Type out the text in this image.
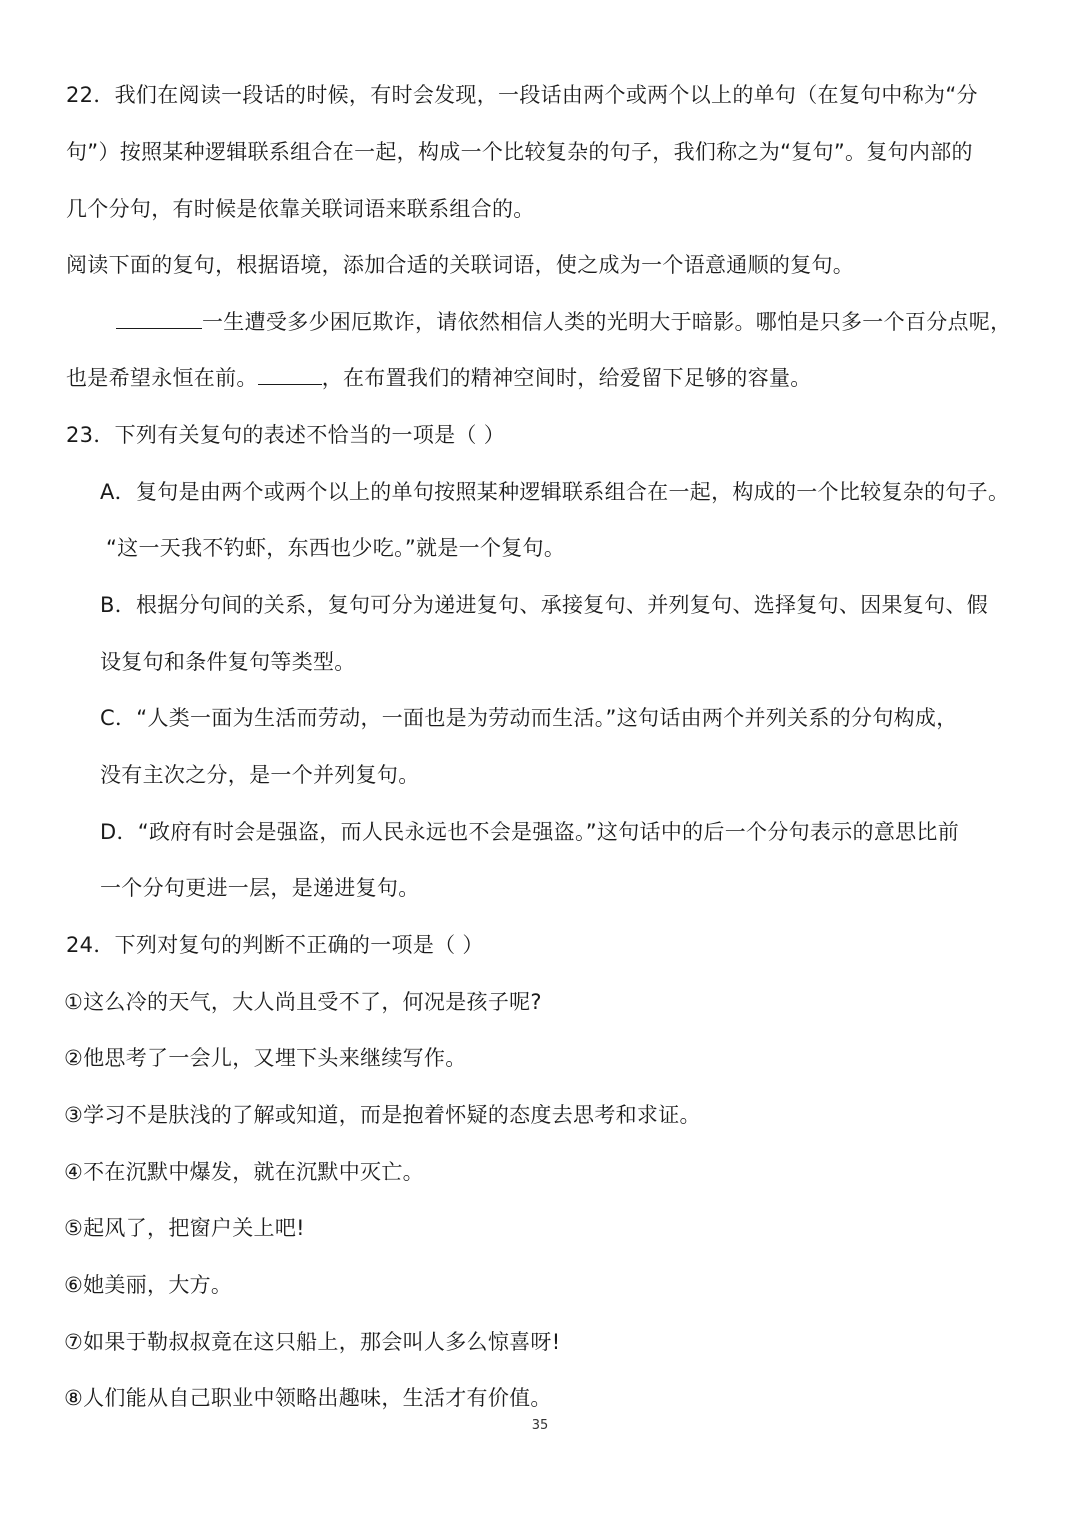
22．我们在阅读一段话的时候，有时会发现，一段话由两个或两个以上的单句（在复句中称为“分
句”）按照某种逻辑联系组合在一起，构成一个比较复杂的句子，我们称之为“复句”。复句内部的
几个分句，有时候是依靠关联词语来联系组合的。
阅读下面的复句，根据语境，添加合适的关联词语，使之成为一个语意通顺的复句。
一生遭受多少困厄欺诈，请依然相信人类的光明大于暗影。哪怕是只多一个百分点呢，
也是希望永恒在前。	，在布置我们的精神空间时，给爱留下足够的容量。
23．下列有关复句的表述不恰当的一项是（ ）
A．复句是由两个或两个以上的单句按照某种逻辑联系组合在一起，构成的一个比较复杂的句子。
“这一天我不钓虾，东西也少吃。”就是一个复句。
B．根据分句间的关系，复句可分为递进复句、承接复句、并列复句、选择复句、因果复句、假
设复句和条件复句等类型。
C．“人类一面为生活而劳动，一面也是为劳动而生活。”这句话由两个并列关系的分句构成，
没有主次之分，是一个并列复句。
D．“政府有时会是强盗，而人民永远也不会是强盗。”这句话中的后一个分句表示的意思比前
一个分句更进一层，是递进复句。
24．下列对复句的判断不正确的一项是（ ）
①这么冷的天气，大人尚且受不了，何况是孩子呢?
②他思考了一会儿，又埋下头来继续写作。
③学习不是肤浅的了解或知道，而是抱着怀疑的态度去思考和求证。
④不在沉默中爆发，就在沉默中灭亡。
⑤起风了，把窗户关上吧!
⑥她美丽，大方。
⑦如果于勒叔叔竟在这只船上，那会叫人多么惊喜呀!
⑧人们能从自己职业中领略出趣味，生活才有价值。
35
